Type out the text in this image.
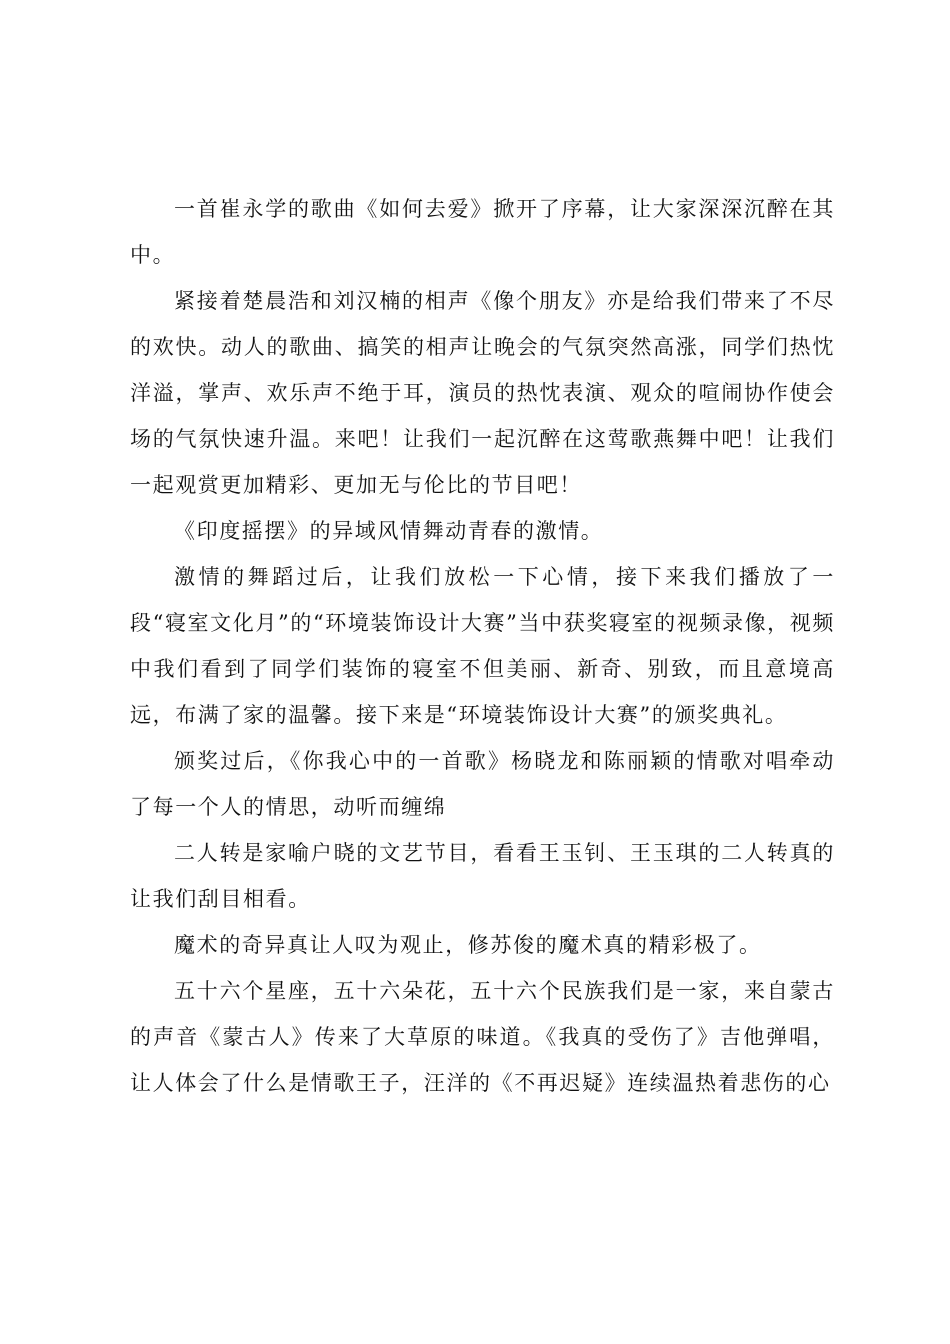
一首崔永学的歌曲《如何去爱》掀开了序幕，让大家深深沉醉在其中。

紧接着楚晨浩和刘汉楠的相声《像个朋友》亦是给我们带来了不尽的欢快。动人的歌曲、搞笑的相声让晚会的气氛突然高涨，同学们热忱洋溢，掌声、欢乐声不绝于耳，演员的热忱表演、观众的喧闹协作使会场的气氛快速升温。来吧！让我们一起沉醉在这莺歌燕舞中吧！让我们一起观赏更加精彩、更加无与伦比的节目吧！

《印度摇摆》的异域风情舞动青春的激情。

激情的舞蹈过后，让我们放松一下心情，接下来我们播放了一段“寝室文化月”的“环境装饰设计大赛”当中获奖寝室的视频录像，视频中我们看到了同学们装饰的寝室不但美丽、新奇、别致，而且意境高远，布满了家的温馨。接下来是“环境装饰设计大赛”的颁奖典礼。

颁奖过后，《你我心中的一首歌》杨晓龙和陈丽颖的情歌对唱牵动了每一个人的情思，动听而缠绵

二人转是家喻户晓的文艺节目，看看王玉钊、王玉琪的二人转真的让我们刮目相看。

魔术的奇异真让人叹为观止，修苏俊的魔术真的精彩极了。

五十六个星座，五十六朵花，五十六个民族我们是一家，来自蒙古的声音《蒙古人》传来了大草原的味道。《我真的受伤了》吉他弹唱，让人体会了什么是情歌王子，汪洋的《不再迟疑》连续温热着悲伤的心
